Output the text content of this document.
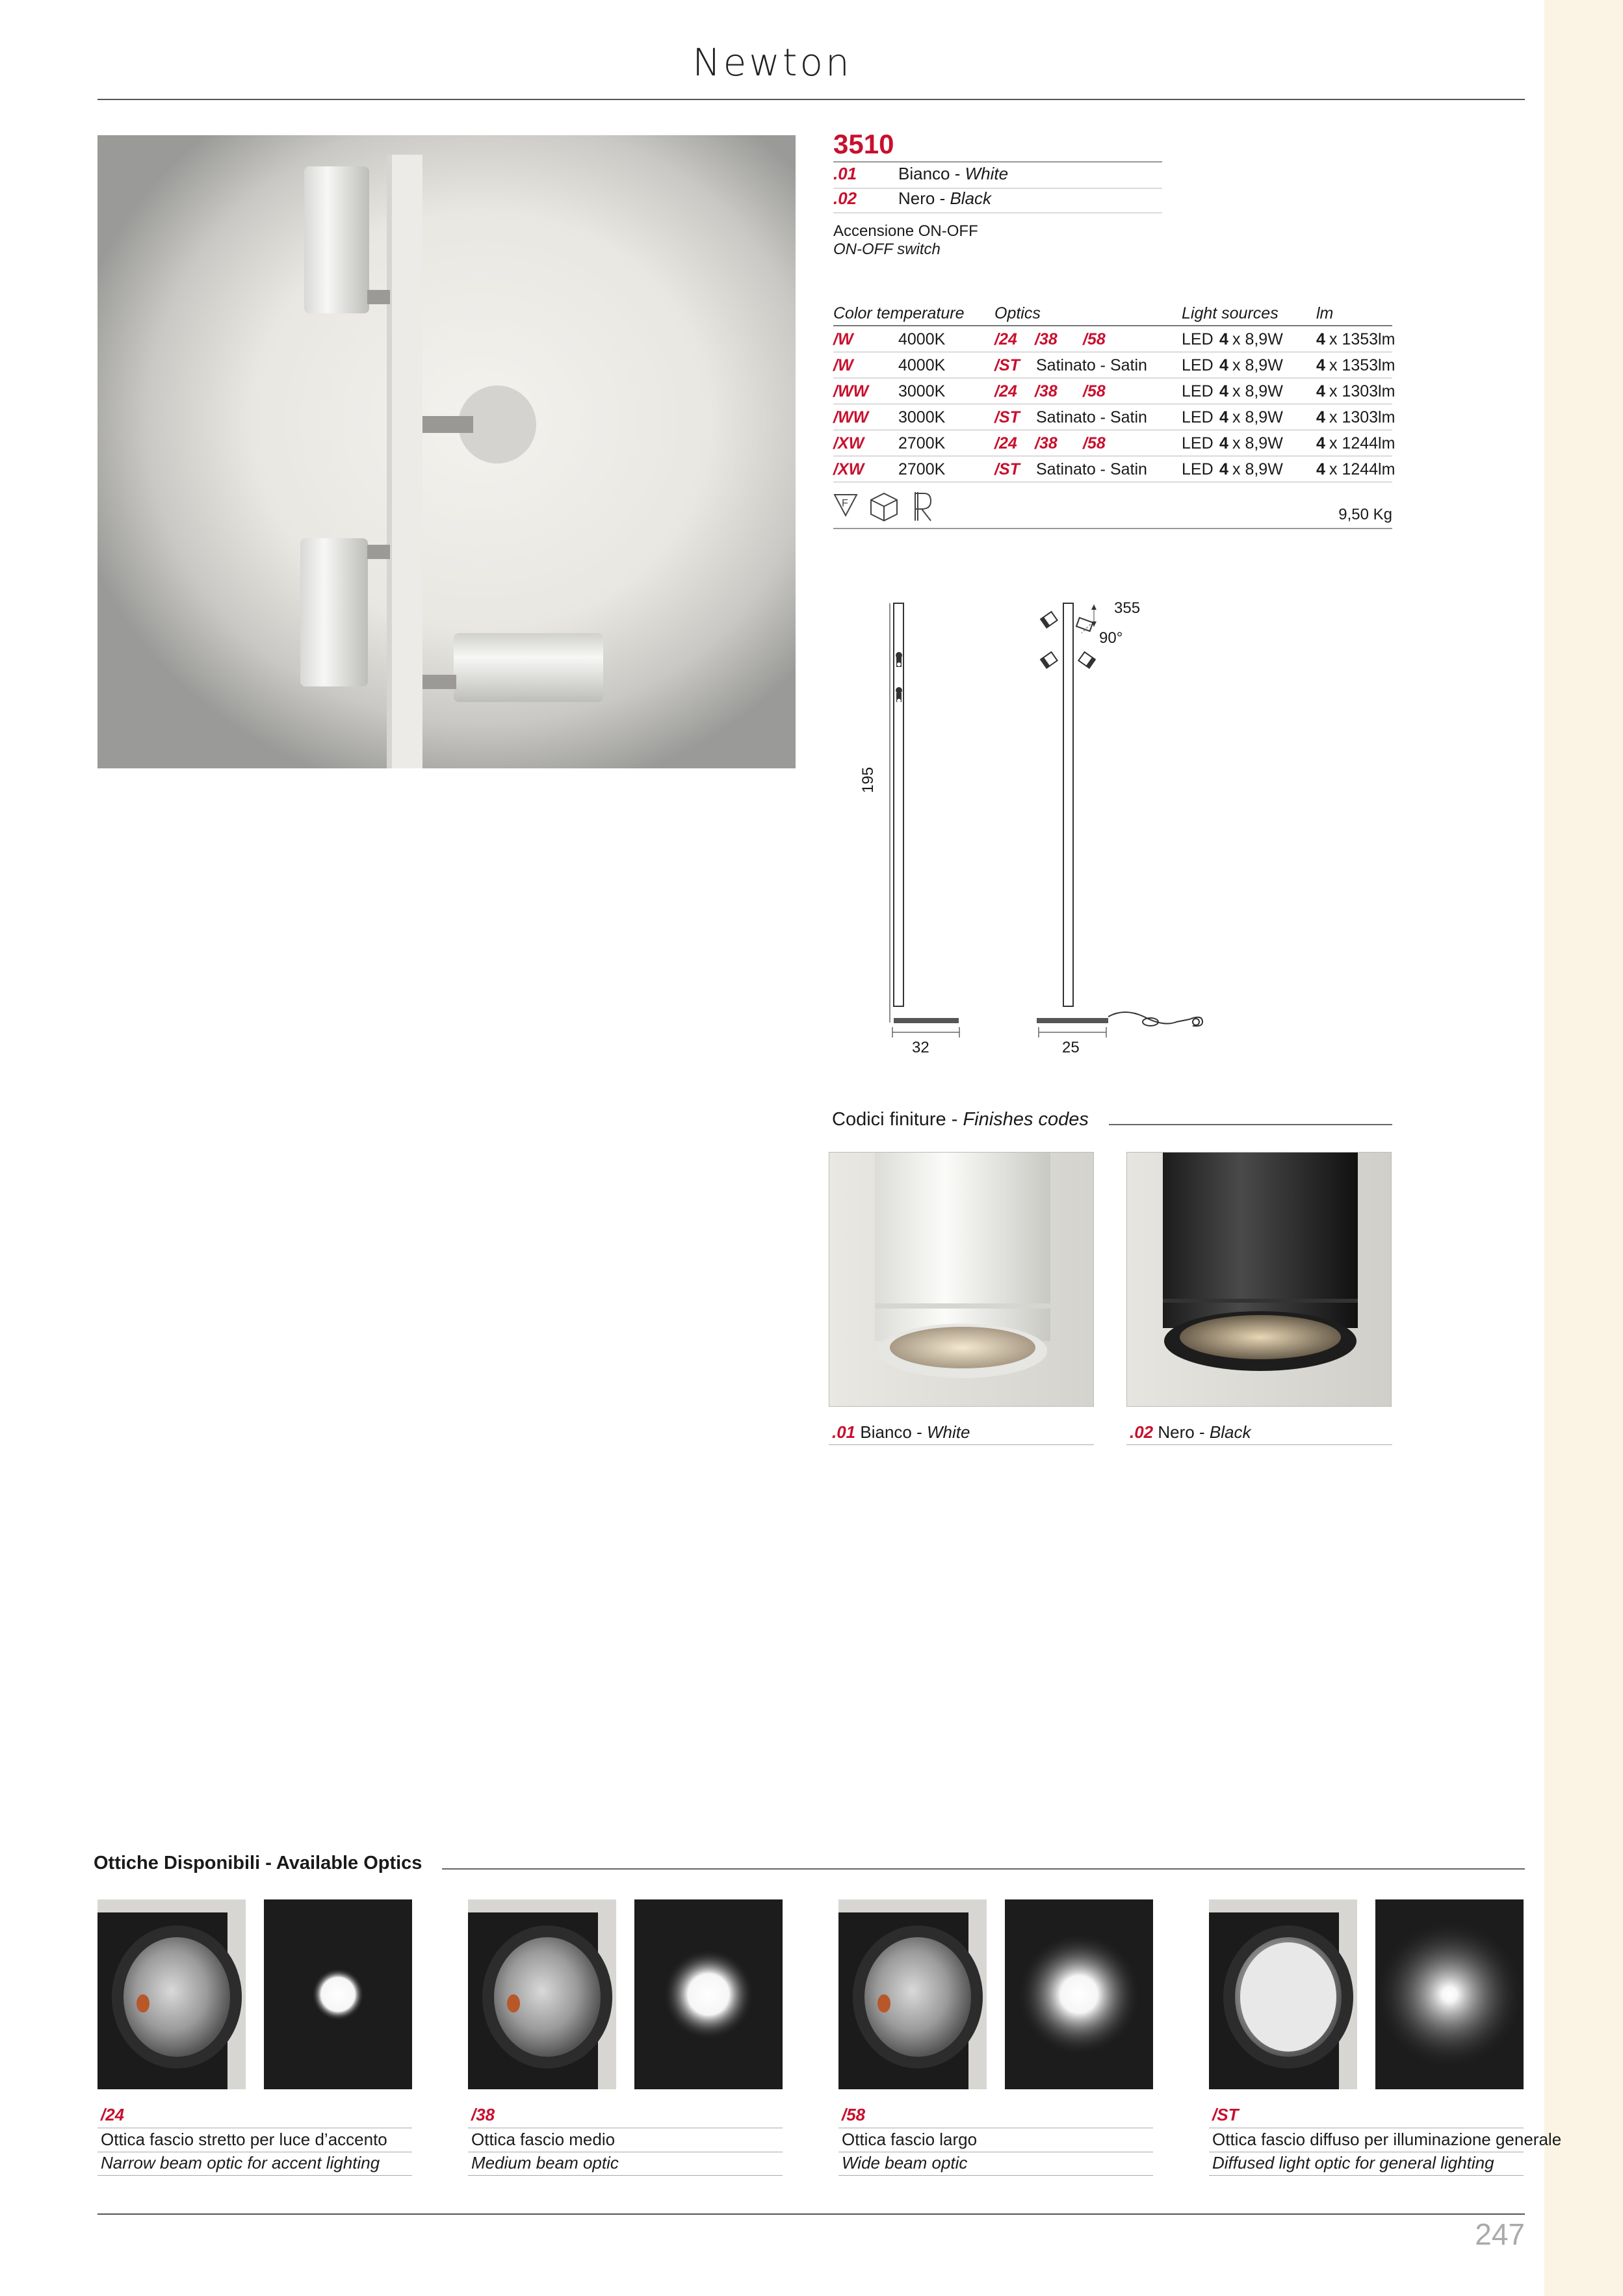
Newton
3510
.01 Bianco - White
.02 Nero - Black
Accensione ON-OFF
ON-OFF switch
Color temperature Optics	Light sources lm
/W	4000K	/24 /38 /58	LED 4 x 8,9W 4 x 1353lm
/W	4000K	/ST Satinato - Satin LED 4 x 8,9W 4 x 1353lm
/WW 3000K	/24 /38 /58	LED 4 x 8,9W 4 x 1303lm
/WW 3000K	/ST Satinato - Satin LED 4 x 8,9W 4 x 1303lm
/XW 2700K	/24 /38 /58	LED 4 x 8,9W 4 x 1244lm
/XW 2700K	/ST Satinato - Satin LED 4 x 8,9W 4 x 1244lm
F
9,50 Kg
195
32	25
355
90°
Codici finiture - Finishes codes
.01 Bianco - White	.02 Nero - Black
Ottiche Disponibili - Available Optics
/24
Ottica fascio stretto per luce d’accento
Narrow beam optic for accent lighting
/38
Ottica fascio medio
Medium beam optic
/58
Ottica fascio largo
Wide beam optic
/ST
Ottica fascio diffuso per illuminazione generale
Diffused light optic for general lighting
247
